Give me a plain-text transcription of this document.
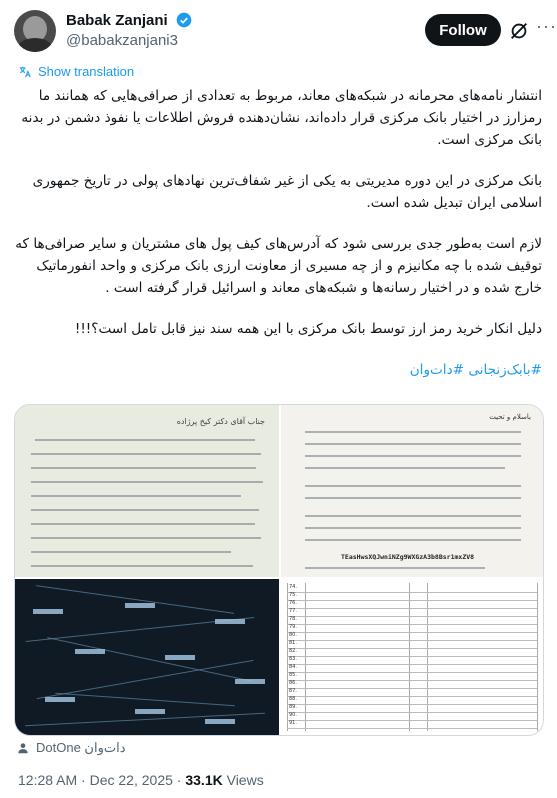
Babak Zanjani
@babakzanjani3
Follow	···
Show translation

انتشار نامه‌های محرمانه در شبکه‌های معاند، مربوط به تعدادی از صرافی‌هایی که همانند ما رمزارز در اختیار بانک مرکزی قرار داده‌اند، نشان‌دهنده فروش اطلاعات یا نفوذ دشمن در بدنه بانک مرکزی است.

بانک مرکزی در این دوره مدیریتی به یکی از غیر شفاف‌ترین نهادهای پولی در تاریخ جمهوری اسلامی ایران تبدیل شده است.

لازم است به‌طور جدی بررسی شود که آدرس‌های کیف پول های مشتریان و سایر صرافی‌ها که توقیف شده با چه مکانیزم و از چه مسیری از معاونت ارزی بانک مرکزی و واحد انفورماتیک خارج شده و در اختیار رسانه‌ها و شبکه‌های معاند و اسرائیل قرار گرفته است .

دلیل انکار خرید رمز ارز توسط بانک مرکزی با این همه سند نیز قابل تامل است؟!!!

#بابک‌زنجانی #دات‌وان

جناب آقای دکتر کیخ پرژاده	باسلام و تحیت
TEasHwsXQJwniNZg9WXGzA3b8Bsr1mxZV8
74.
75.
76.
77.
78.
79.
80.
81.
82.
83.
84.
85.
86.
87.
88.
89.
90.
91.
DotOne دات‌وان
12:28 AM · Dec 22, 2025 · 33.1K Views
